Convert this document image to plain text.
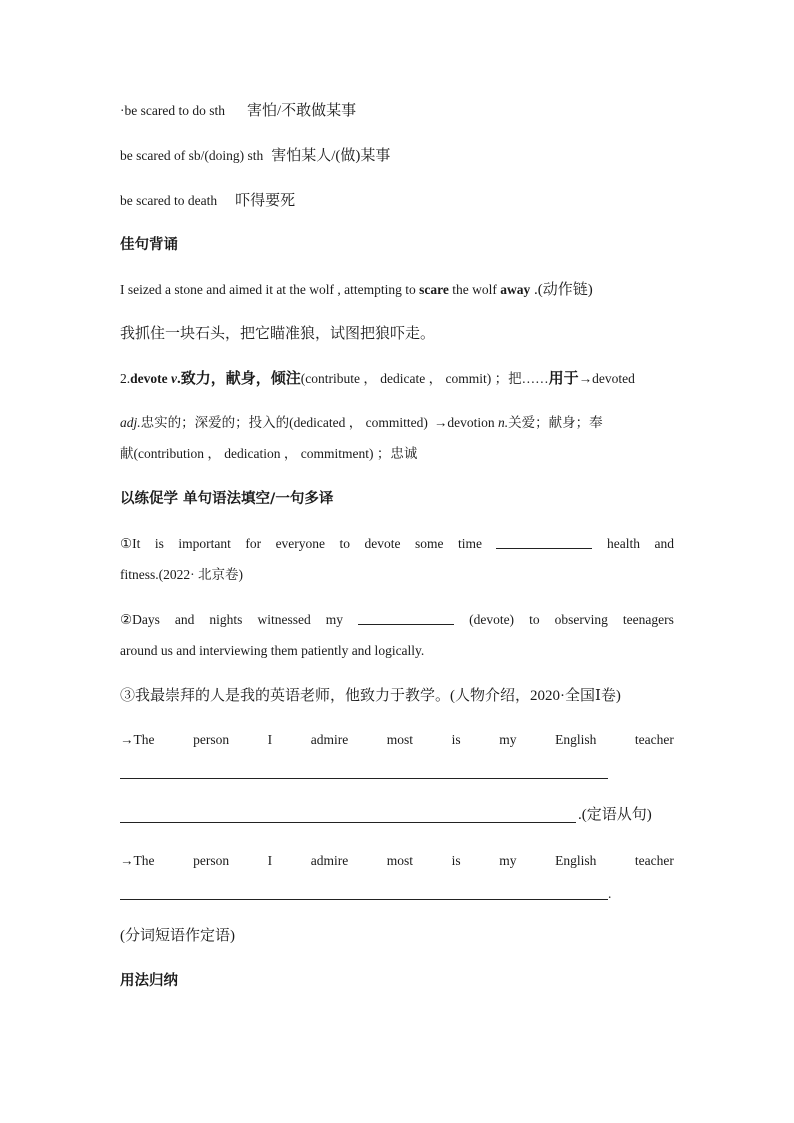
·be scared to do sth 害怕/不敢做某事
be scared of sb/(doing) sth 害怕某人/(做)某事
be scared to death 吓得要死
佳句背诵
I seized a stone and aimed it at the wolf , attempting to scare the wolf away .(动作链)
我抓住一块石头，把它瞄准狼，试图把狼吓走。
2.devote v.致力，献身，倾注(contribute ， dedicate ， commit) ；把……用于→devoted
adj.忠实的；深爱的；投入的(dedicated ， committed) →devotion n.关爱；献身；奉
献(contribution ， dedication ， commitment) ；忠诚
以练促学 单句语法填空/一句多译
①It is important for everyone to devote some time	health and
fitness.(2022· 北京卷)
②Days and nights witnessed my	(devote) to observing teenagers
around us and interviewing them patiently and logically.
③我最崇拜的人是我的英语老师，他致力于教学。(人物介绍，2020·全国Ⅰ卷)
→The	person	I	admire	most	is	my	English	teacher
.(定语从句)
→The	person	I	admire	most	is	my	English	teacher
.
(分词短语作定语)
用法归纳
